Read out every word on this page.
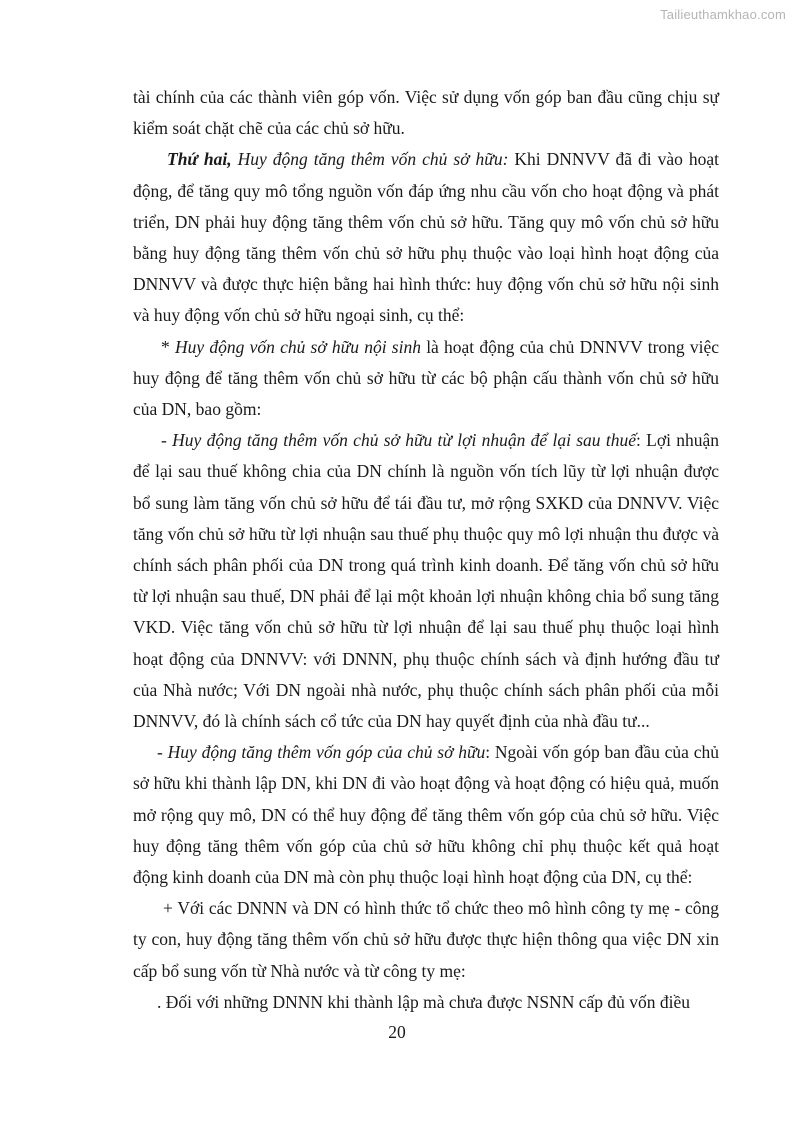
Tailieuthamkhao.com

tài chính của các thành viên góp vốn. Việc sử dụng vốn góp ban đầu cũng chịu sự kiểm soát chặt chẽ của các chủ sở hữu.

Thứ hai, Huy động tăng thêm vốn chủ sở hữu: Khi DNNVV đã đi vào hoạt động, để tăng quy mô tổng nguồn vốn đáp ứng nhu cầu vốn cho hoạt động và phát triển, DN phải huy động tăng thêm vốn chủ sở hữu. Tăng quy mô vốn chủ sở hữu bằng huy động tăng thêm vốn chủ sở hữu phụ thuộc vào loại hình hoạt động của DNNVV và được thực hiện bằng hai hình thức: huy động vốn chủ sở hữu nội sinh và huy động vốn chủ sở hữu ngoại sinh, cụ thể:

* Huy động vốn chủ sở hữu nội sinh là hoạt động của chủ DNNVV trong việc huy động để tăng thêm vốn chủ sở hữu từ các bộ phận cấu thành vốn chủ sở hữu của DN, bao gồm:

- Huy động tăng thêm vốn chủ sở hữu từ lợi nhuận để lại sau thuế: Lợi nhuận để lại sau thuế không chia của DN chính là nguồn vốn tích lũy từ lợi nhuận được bổ sung làm tăng vốn chủ sở hữu để tái đầu tư, mở rộng SXKD của DNNVV. Việc tăng vốn chủ sở hữu từ lợi nhuận sau thuế phụ thuộc quy mô lợi nhuận thu được và chính sách phân phối của DN trong quá trình kinh doanh. Để tăng vốn chủ sở hữu từ lợi nhuận sau thuế, DN phải để lại một khoản lợi nhuận không chia bổ sung tăng VKD. Việc tăng vốn chủ sở hữu từ lợi nhuận để lại sau thuế phụ thuộc loại hình hoạt động của DNNVV: với DNNN, phụ thuộc chính sách và định hướng đầu tư của Nhà nước; Với DN ngoài nhà nước, phụ thuộc chính sách phân phối của mỗi DNNVV, đó là chính sách cổ tức của DN hay quyết định của nhà đầu tư...

- Huy động tăng thêm vốn góp của chủ sở hữu: Ngoài vốn góp ban đầu của chủ sở hữu khi thành lập DN, khi DN đi vào hoạt động và hoạt động có hiệu quả, muốn mở rộng quy mô, DN có thể huy động để tăng thêm vốn góp của chủ sở hữu. Việc huy động tăng thêm vốn góp của chủ sở hữu không chỉ phụ thuộc kết quả hoạt động kinh doanh của DN mà còn phụ thuộc loại hình hoạt động của DN, cụ thể:

+ Với các DNNN và DN có hình thức tổ chức theo mô hình công ty mẹ - công ty con, huy động tăng thêm vốn chủ sở hữu được thực hiện thông qua việc DN xin cấp bổ sung vốn từ Nhà nước và từ công ty mẹ:

. Đối với những DNNN khi thành lập mà chưa được NSNN cấp đủ vốn điều

20
